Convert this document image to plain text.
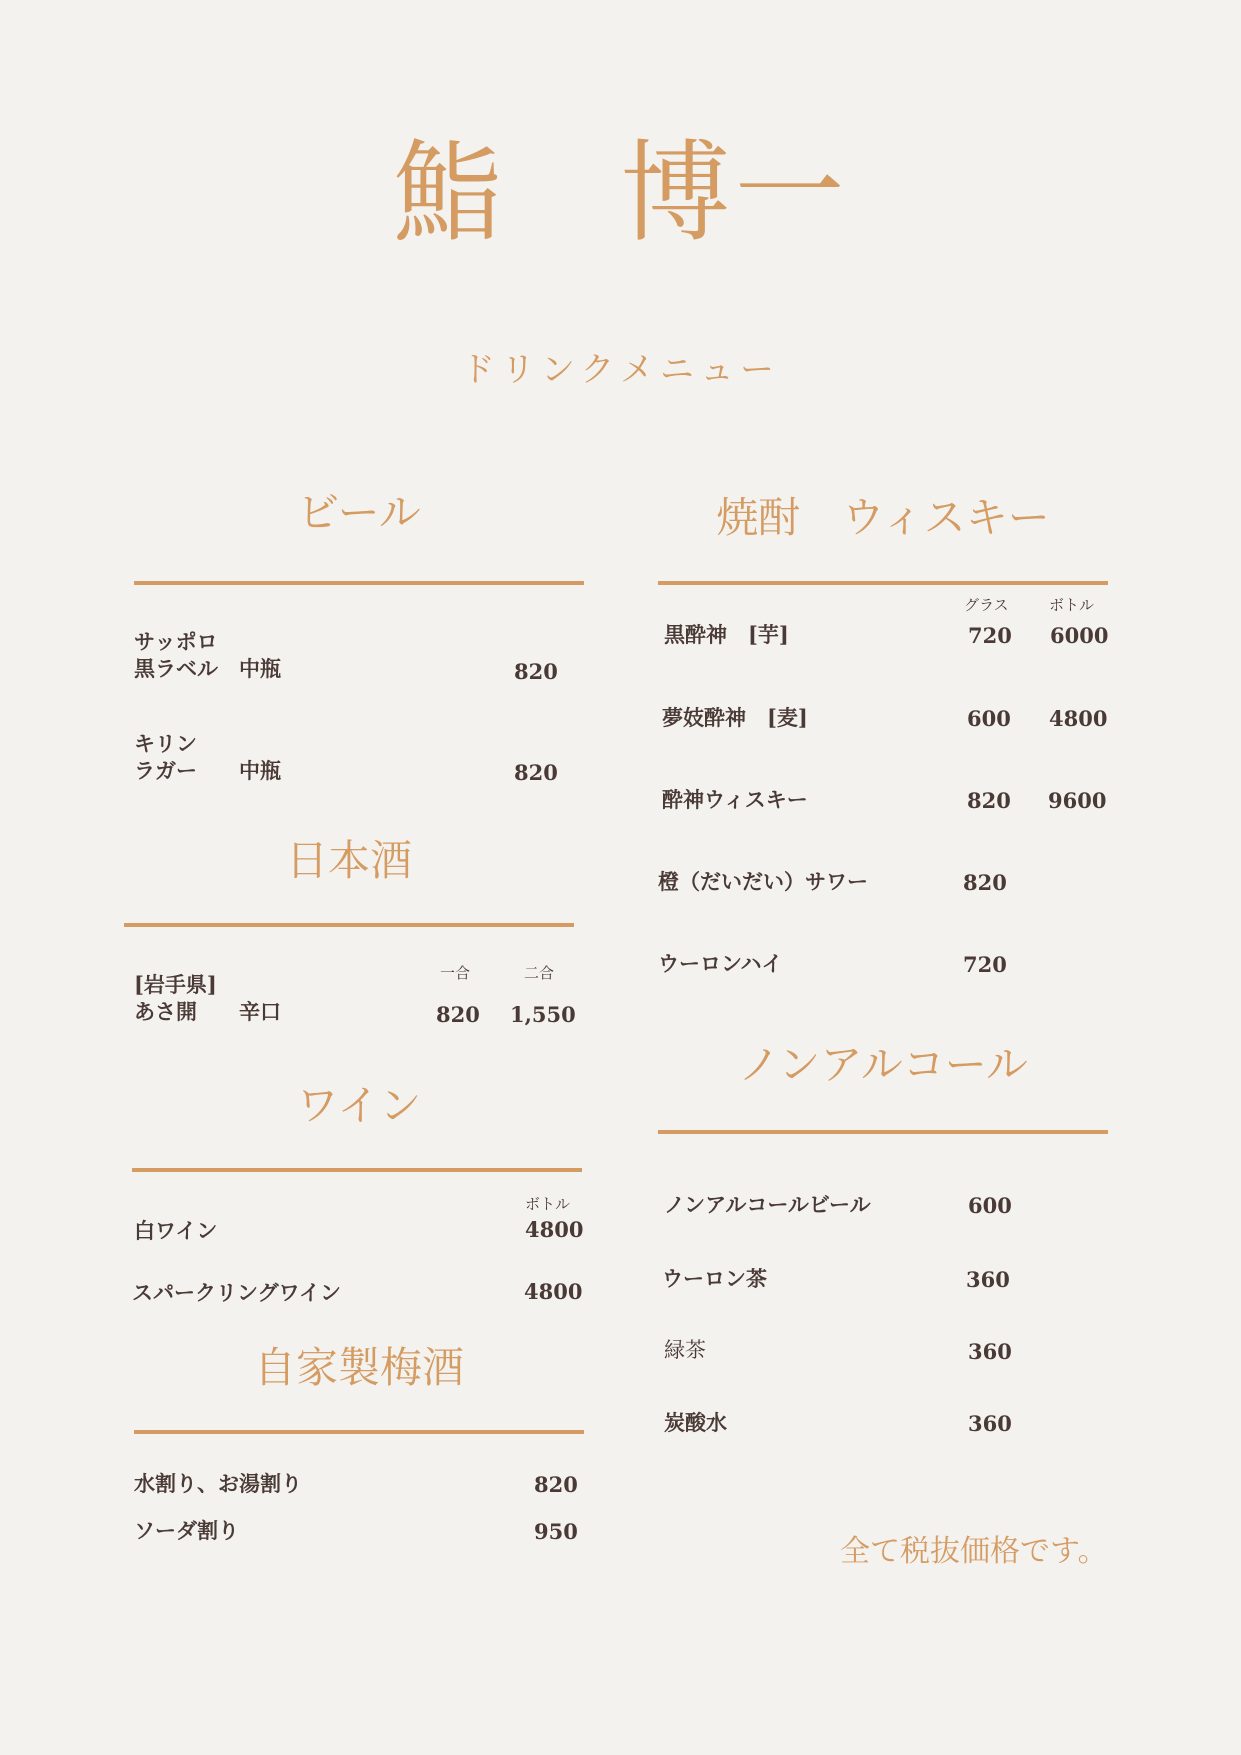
鮨　博一
ドリンクメニュー
ビール
サッポロ
黒ラベル　中瓶	820
キリン
ラガー　　中瓶	820
日本酒
一合	二合
[岩手県]
あさ開　　辛口	820 1,550
ワイン
ボトル
白ワイン	4800
スパークリングワイン	4800
自家製梅酒
水割り、お湯割り	820
ソーダ割り	950
焼酎　ウィスキー
グラス	ボトル
黒酔神　[芋]	720 6000
夢妓酔神　[麦]	600 4800
酔神ウィスキー	820 9600
橙（だいだい）サワー	820
ウーロンハイ	720
ノンアルコール
ノンアルコールビール	600
ウーロン茶	360
緑茶	360
炭酸水	360
全て税抜価格です。
